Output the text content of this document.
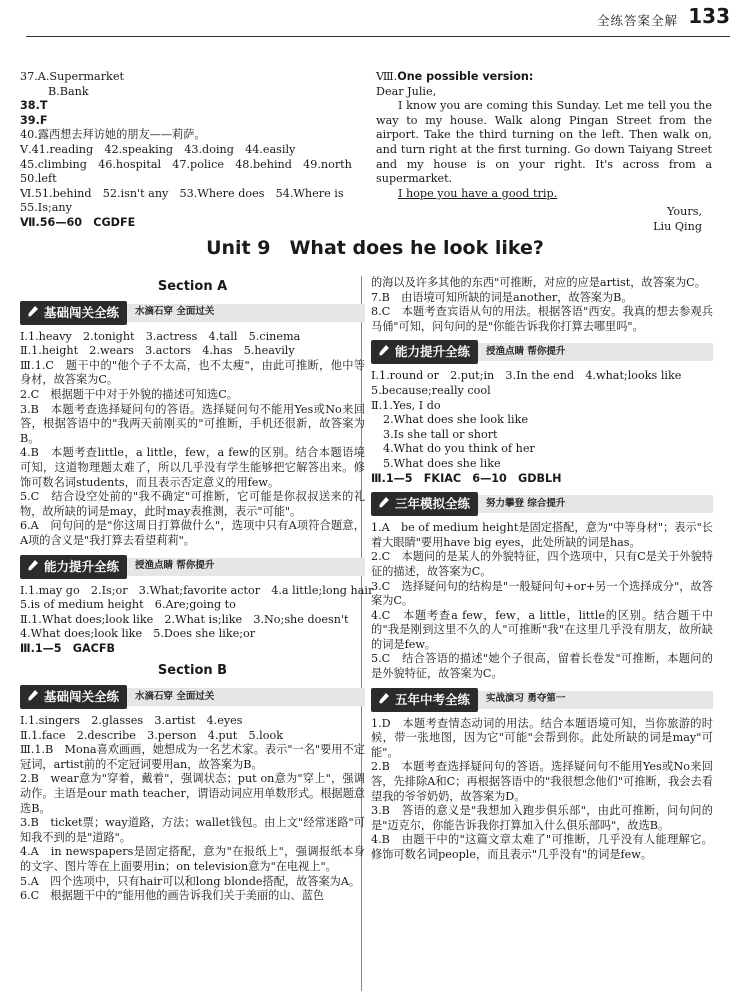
全练答案全解 133
37.A.Supermarket
B.Bank
38.T
39.F
40.露西想去拜访她的朋友——莉萨。
Ⅴ.41.reading　42.speaking　43.doing　44.easily
45.climbing　46.hospital　47.police　48.behind　49.north
50.left
Ⅵ.51.behind　52.isn't any　53.Where does　54.Where is
55.Is;any
Ⅶ.56—60　CGDFE
Ⅷ.One possible version:
Dear Julie,

I know you are coming this Sunday. Let me tell you the way to my house. Walk along Pingan Street from the airport. Take the third turning on the left. Then walk on, and turn right at the first turning. Go down Taiyang Street and my house is on your right. It's across from a supermarket.

I hope you have a good trip.
Yours,
Liu Qing
Unit 9　What does he look like?
Section A
基础闯关全练	水滴石穿 全面过关
Ⅰ.1.heavy　2.tonight　3.actress　4.tall　5.cinema
Ⅱ.1.height　2.wears　3.actors　4.has　5.heavily
Ⅲ.1.C　题干中的"他个子不太高，也不太瘦"，由此可推断，他中等身材，故答案为C。
2.C　根据题干中对于外貌的描述可知选C。
3.B　本题考查选择疑问句的答语。选择疑问句不能用Yes或No来回答，根据答语中的"我两天前刚买的"可推断，手机还很新，故答案为B。
4.B　本题考查little，a little，few，a few的区别。结合本题语境可知，这道物理题太难了，所以几乎没有学生能够把它解答出来。修饰可数名词students，而且表示否定意义的用few。
5.C　结合设空处前的"我不确定"可推断，它可能是你叔叔送来的礼物，故所缺的词是may，此时may表推测，表示"可能"。
6.A　问句问的是"你这周日打算做什么"，选项中只有A项符合题意，A项的含义是"我打算去看望莉莉"。
能力提升全练	授渔点睛 帮你提升
Ⅰ.1.may go　2.Is;or　3.What;favorite actor　4.a little;long hair
5.is of medium height　6.Are;going to
Ⅱ.1.What does;look like　2.What is;like　3.No;she doesn't
4.What does;look like　5.Does she like;or
Ⅲ.1—5　GACFB
Section B
基础闯关全练	水滴石穿 全面过关
Ⅰ.1.singers　2.glasses　3.artist　4.eyes
Ⅱ.1.face　2.describe　3.person　4.put　5.look
Ⅲ.1.B　Mona喜欢画画，她想成为一名艺术家。表示"一名"要用不定冠词，artist前的不定冠词要用an，故答案为B。
2.B　wear意为"穿着，戴着"，强调状态；put on意为"穿上"，强调动作。主语是our math teacher，谓语动词应用单数形式。根据题意选B。
3.B　ticket票；way道路，方法；wallet钱包。由上文"经常迷路"可知我不到的是"道路"。
4.A　in newspapers是固定搭配，意为"在报纸上"，强调报纸本身的文字、图片等在上面要用in；on television意为"在电视上"。
5.A　四个选项中，只有hair可以和long blonde搭配，故答案为A。
6.C　根据题干中的"能用他的画告诉我们关于美丽的山、蓝色
的海以及许多其他的东西"可推断，对应的应是artist，故答案为C。
7.B　由语境可知所缺的词是another，故答案为B。
8.C　本题考查宾语从句的用法。根据答语"西安。我真的想去参观兵马俑"可知，问句问的是"你能告诉我你打算去哪里吗"。
能力提升全练	授渔点睛 帮你提升
Ⅰ.1.round or　2.put;in　3.In the end　4.what;looks like
5.because;really cool
Ⅱ.1.Yes, I do
2.What does she look like
3.Is she tall or short
4.What do you think of her
5.What does she like
Ⅲ.1—5　FKIAC　6—10　GDBLH
三年模拟全练	努力攀登 综合提升
1.A　be of medium height是固定搭配，意为"中等身材"；表示"长着大眼睛"要用have big eyes，此处所缺的词是has。
2.C　本题问的是某人的外貌特征，四个选项中，只有C是关于外貌特征的描述，故答案为C。
3.C　选择疑问句的结构是"一般疑问句+or+另一个选择成分"，故答案为C。
4.C　本题考查a few，few，a little，little的区别。结合题干中的"我是刚到这里不久的人"可推断"我"在这里几乎没有朋友，故所缺的词是few。
5.C　结合答语的描述"她个子很高，留着长卷发"可推断，本题问的是外貌特征，故答案为C。
五年中考全练	实战演习 勇夺第一
1.D　本题考查情态动词的用法。结合本题语境可知，当你旅游的时候，带一张地图，因为它"可能"会帮到你。此处所缺的词是may"可能"。
2.B　本题考查选择疑问句的答语。选择疑问句不能用Yes或No来回答，先排除A和C；再根据答语中的"我很想念他们"可推断，我会去看望我的爷爷奶奶，故答案为D。
3.B　答语的意义是"我想加入跑步俱乐部"，由此可推断，问句问的是"迈克尔，你能告诉我你打算加入什么俱乐部吗"，故选B。
4.B　由题干中的"这篇文章太难了"可推断，几乎没有人能理解它。修饰可数名词people，而且表示"几乎没有"的词是few。
